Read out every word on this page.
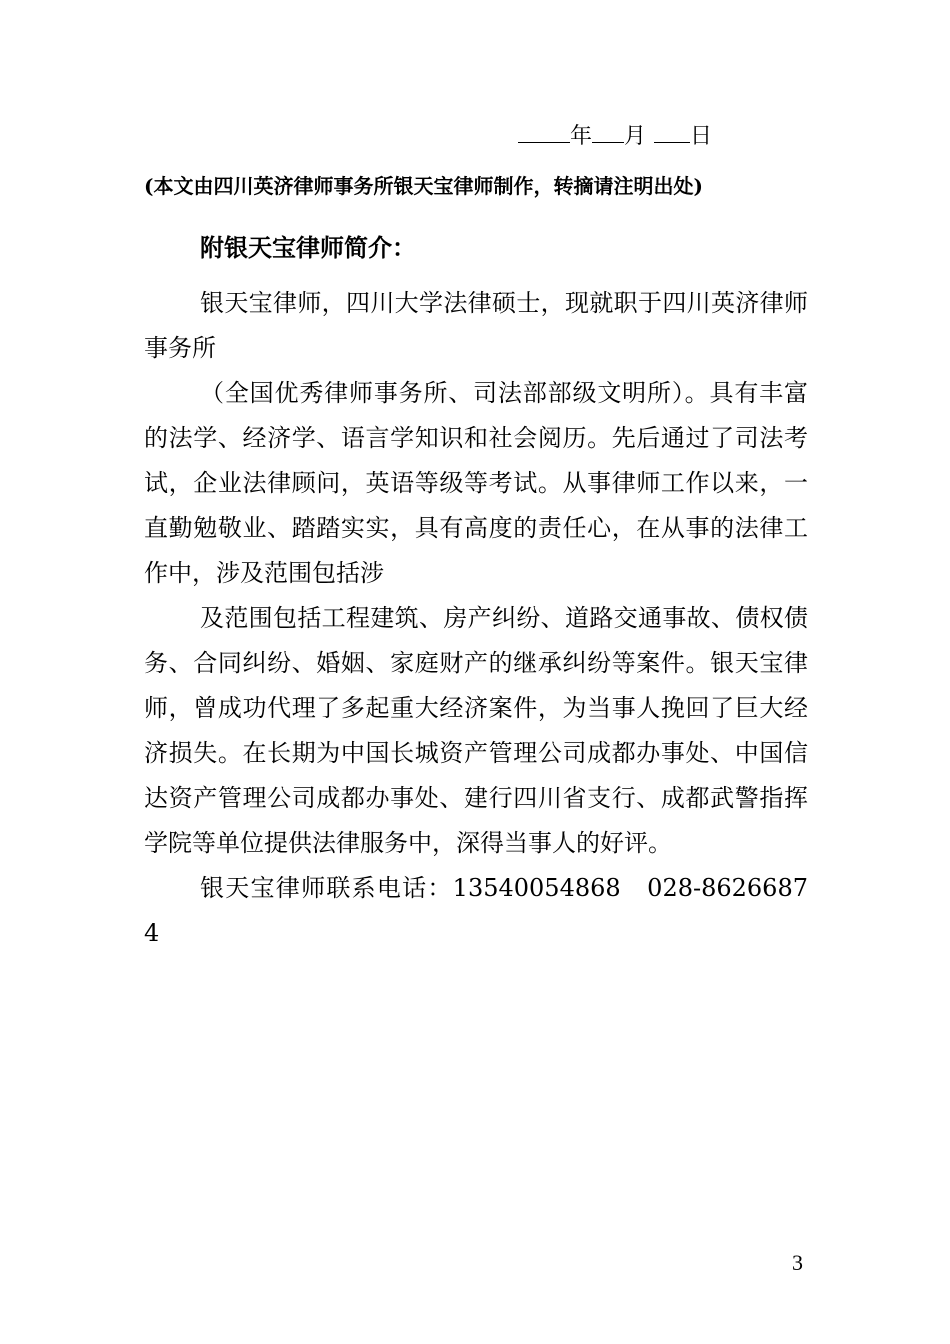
年 月 日
(本文由四川英济律师事务所银天宝律师制作，转摘请注明出处)
附银天宝律师简介：

银天宝律师，四川大学法律硕士，现就职于四川英济律师事务所

（全国优秀律师事务所、司法部部级文明所）。具有丰富的法学、经济学、语言学知识和社会阅历。先后通过了司法考试，企业法律顾问，英语等级等考试。从事律师工作以来，一直勤勉敬业、踏踏实实，具有高度的责任心，在从事的法律工作中，涉及范围包括涉

及范围包括工程建筑、房产纠纷、道路交通事故、债权债务、合同纠纷、婚姻、家庭财产的继承纠纷等案件。银天宝律师，曾成功代理了多起重大经济案件，为当事人挽回了巨大经济损失。在长期为中国长城资产管理公司成都办事处、中国信达资产管理公司成都办事处、建行四川省支行、成都武警指挥学院等单位提供法律服务中，深得当事人的好评。

银天宝律师联系电话：13540054868　028-86266874

3
